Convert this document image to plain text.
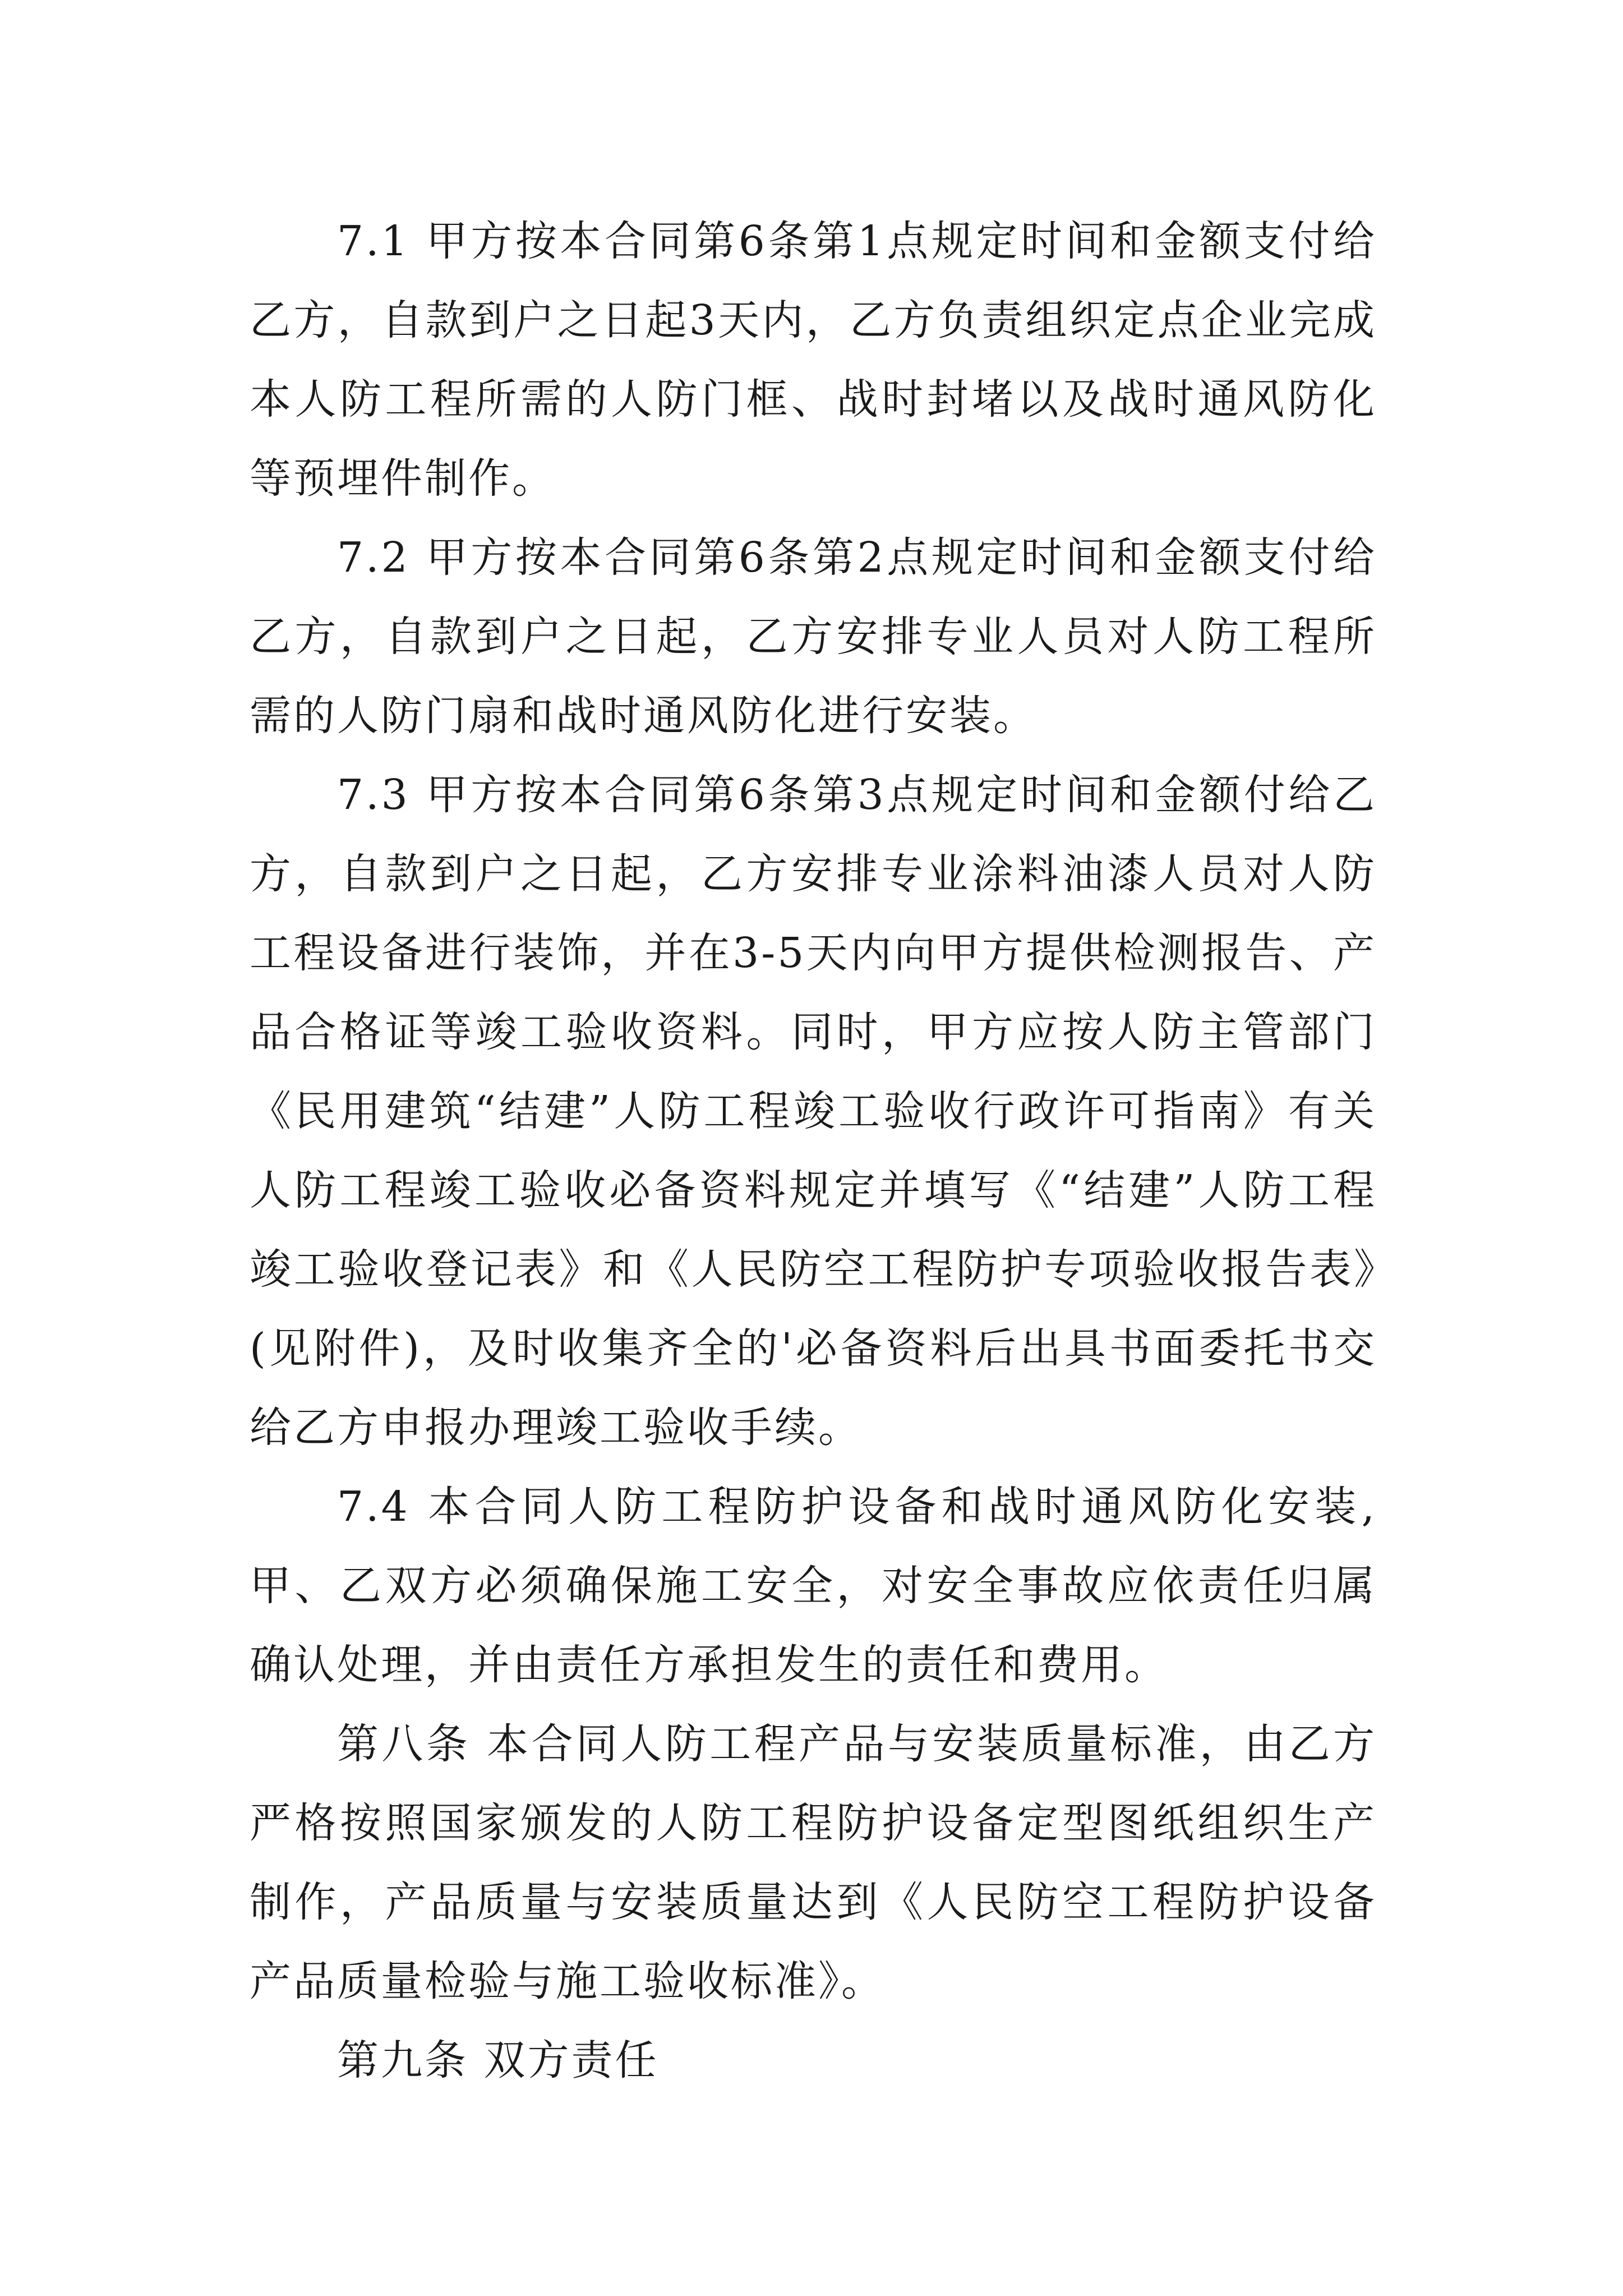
7.1 甲方按本合同第6条第1点规定时间和金额支付给乙方，自款到户之日起3天内，乙方负责组织定点企业完成本人防工程所需的人防门框、战时封堵以及战时通风防化等预埋件制作。

7.2 甲方按本合同第6条第2点规定时间和金额支付给乙方，自款到户之日起，乙方安排专业人员对人防工程所需的人防门扇和战时通风防化进行安装。

7.3 甲方按本合同第6条第3点规定时间和金额付给乙方，自款到户之日起，乙方安排专业涂料油漆人员对人防工程设备进行装饰，并在3-5天内向甲方提供检测报告、产品合格证等竣工验收资料。同时，甲方应按人防主管部门《民用建筑“结建”人防工程竣工验收行政许可指南》有关人防工程竣工验收必备资料规定并填写《“结建”人防工程竣工验收登记表》和《人民防空工程防护专项验收报告表》(见附件)，及时收集齐全的'必备资料后出具书面委托书交给乙方申报办理竣工验收手续。

7.4 本合同人防工程防护设备和战时通风防化安装,甲、乙双方必须确保施工安全，对安全事故应依责任归属确认处理，并由责任方承担发生的责任和费用。

第八条 本合同人防工程产品与安装质量标准，由乙方严格按照国家颁发的人防工程防护设备定型图纸组织生产制作，产品质量与安装质量达到《人民防空工程防护设备产品质量检验与施工验收标准》。

第九条 双方责任
